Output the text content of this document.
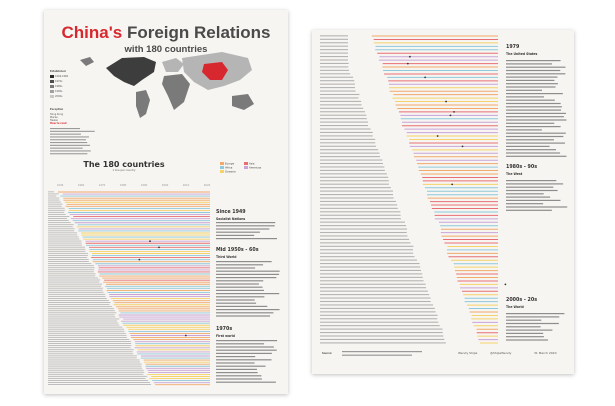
China's Foreign Relations
with 180 countries
Established
1949-1969
1970s
1980s
1990s
2000s
Hong Kong
Macau
Taiwan
Exception
How to read
The 180 countries
1 line per country
Europe	Asia
Africa	Americas
Oceania
1949	1960	1970	1980	1990	2000	2010	2020
Since 1949
Socialist Nations
Mid 1950s - 60s
Third World
1970s
First world
1979
The United States
1980s - 90s
The West
2000s - 20s
The World
Source:	Wendy Shijia	@ShijiaWendy	31 March 2020
